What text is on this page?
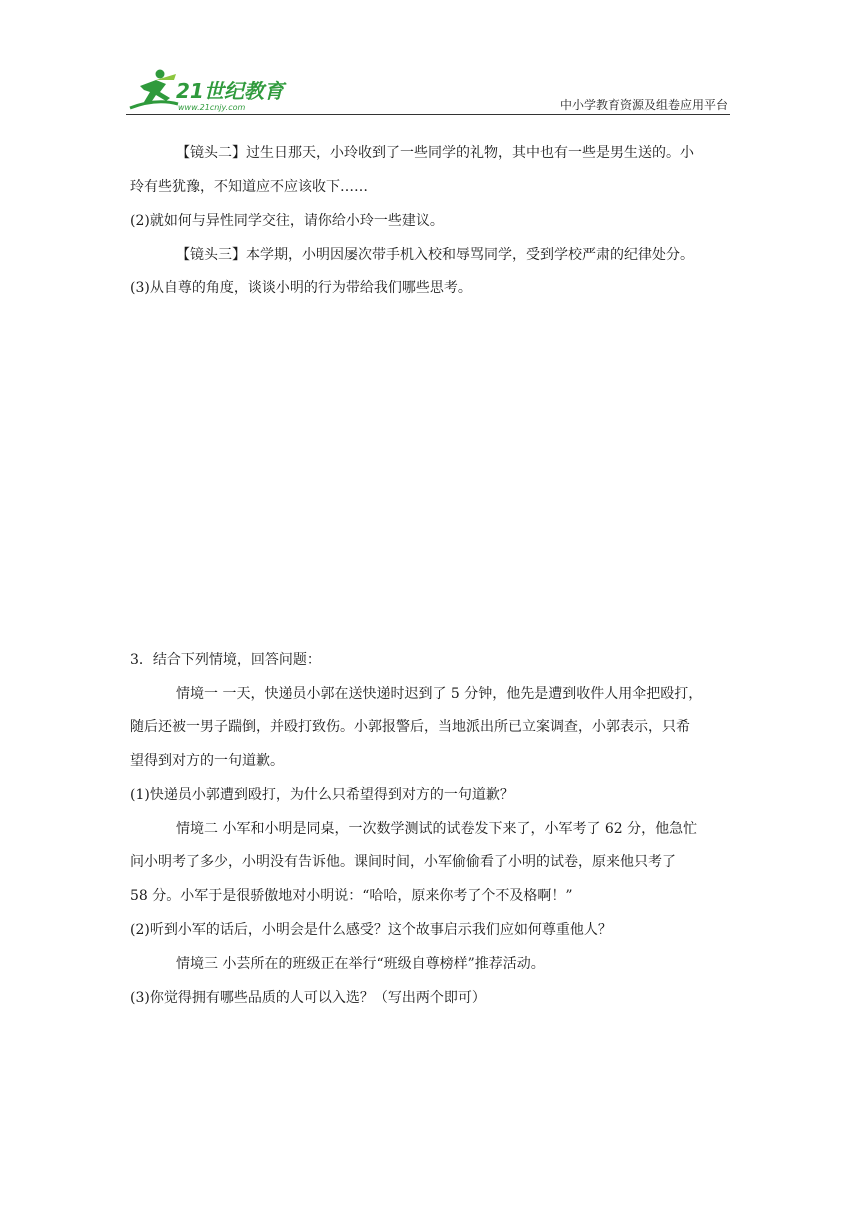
21世纪教育
www.21cnjy.com	中小学教育资源及组卷应用平台
【镜头二】过生日那天，小玲收到了一些同学的礼物，其中也有一些是男生送的。小
玲有些犹豫，不知道应不应该收下……
(2)就如何与异性同学交往，请你给小玲一些建议。
【镜头三】本学期，小明因屡次带手机入校和辱骂同学，受到学校严肃的纪律处分。
(3)从自尊的角度，谈谈小明的行为带给我们哪些思考。
3．结合下列情境，回答问题：
情境一 一天，快递员小郭在送快递时迟到了 5 分钟，他先是遭到收件人用伞把殴打，
随后还被一男子踹倒，并殴打致伤。小郭报警后，当地派出所已立案调查，小郭表示，只希
望得到对方的一句道歉。
(1)快递员小郭遭到殴打，为什么只希望得到对方的一句道歉？
情境二 小军和小明是同桌，一次数学测试的试卷发下来了，小军考了 62 分，他急忙
问小明考了多少，小明没有告诉他。课间时间，小军偷偷看了小明的试卷，原来他只考了
58 分。小军于是很骄傲地对小明说：“哈哈，原来你考了个不及格啊！”
(2)听到小军的话后，小明会是什么感受？这个故事启示我们应如何尊重他人？
情境三 小芸所在的班级正在举行“班级自尊榜样”推荐活动。
(3)你觉得拥有哪些品质的人可以入选？（写出两个即可）
